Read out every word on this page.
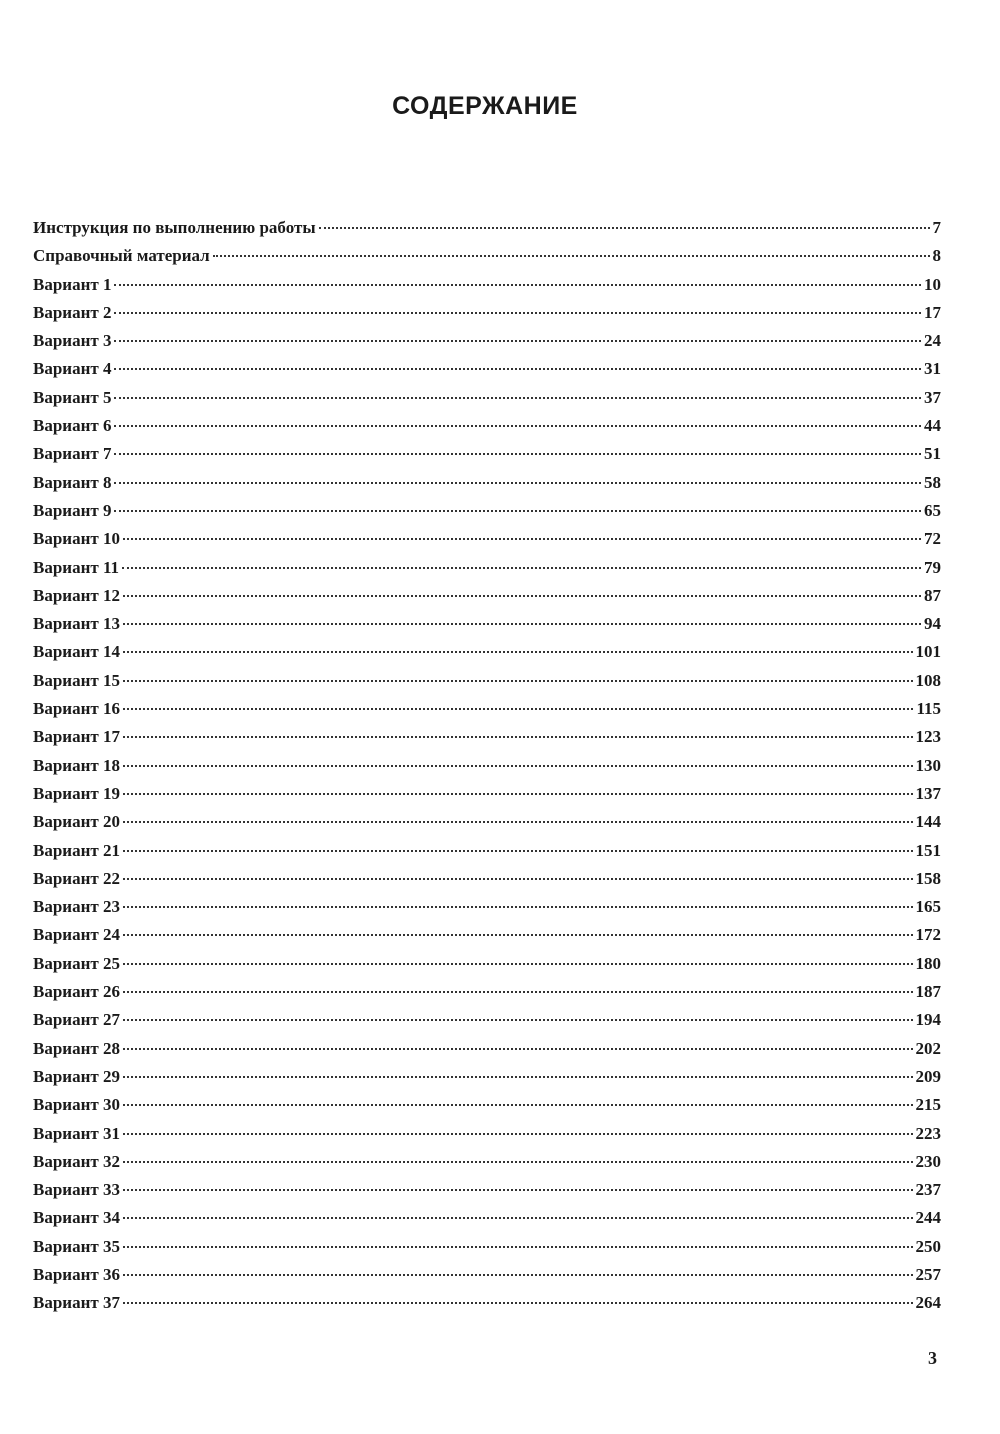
СОДЕРЖАНИЕ
Инструкция по выполнению работы	7
Справочный материал	8
Вариант 1	10
Вариант 2	17
Вариант 3	24
Вариант 4	31
Вариант 5	37
Вариант 6	44
Вариант 7	51
Вариант 8	58
Вариант 9	65
Вариант 10	72
Вариант 11	79
Вариант 12	87
Вариант 13	94
Вариант 14	101
Вариант 15	108
Вариант 16	115
Вариант 17	123
Вариант 18	130
Вариант 19	137
Вариант 20	144
Вариант 21	151
Вариант 22	158
Вариант 23	165
Вариант 24	172
Вариант 25	180
Вариант 26	187
Вариант 27	194
Вариант 28	202
Вариант 29	209
Вариант 30	215
Вариант 31	223
Вариант 32	230
Вариант 33	237
Вариант 34	244
Вариант 35	250
Вариант 36	257
Вариант 37	264
3
